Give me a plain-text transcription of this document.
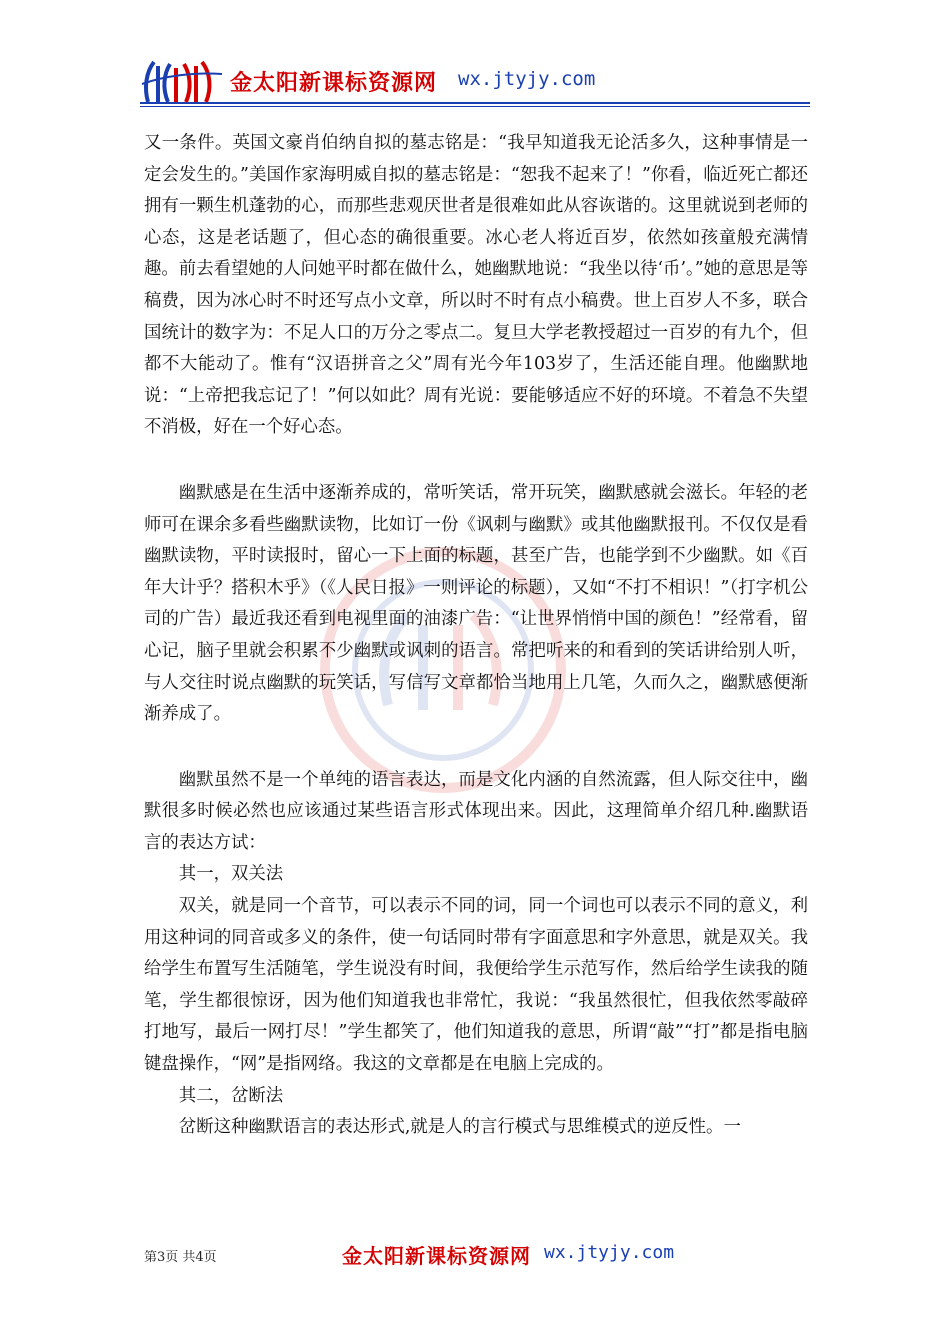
金太阳新课标资源网 wx.jtyjy.com

又一条件。英国文豪肖伯纳自拟的墓志铭是：“我早知道我无论活多久，这种事情是一定会发生的。”美国作家海明威自拟的墓志铭是：“恕我不起来了！”你看，临近死亡都还拥有一颗生机蓬勃的心，而那些悲观厌世者是很难如此从容诙谐的。这里就说到老师的心态，这是老话题了，但心态的确很重要。冰心老人将近百岁，依然如孩童般充满情趣。前去看望她的人问她平时都在做什么，她幽默地说：“我坐以待‘币’。”她的意思是等稿费，因为冰心时不时还写点小文章，所以时不时有点小稿费。世上百岁人不多，联合国统计的数字为：不足人口的万分之零点二。复旦大学老教授超过一百岁的有九个，但都不大能动了。惟有“汉语拼音之父”周有光今年103岁了，生活还能自理。他幽默地说：“上帝把我忘记了！”何以如此？周有光说：要能够适应不好的环境。不着急不失望不消极，好在一个好心态。

幽默感是在生活中逐渐养成的，常听笑话，常开玩笑，幽默感就会滋长。年轻的老师可在课余多看些幽默读物，比如订一份《讽刺与幽默》或其他幽默报刊。不仅仅是看幽默读物，平时读报时，留心一下上面的标题，甚至广告，也能学到不少幽默。如《百年大计乎？搭积木乎》（《人民日报》一则评论的标题），又如“不打不相识！”（打字机公司的广告）最近我还看到电视里面的油漆广告：“让世界悄悄中国的颜色！”经常看，留心记，脑子里就会积累不少幽默或讽刺的语言。常把听来的和看到的笑话讲给别人听，与人交往时说点幽默的玩笑话，写信写文章都恰当地用上几笔，久而久之，幽默感便渐渐养成了。

幽默虽然不是一个单纯的语言表达，而是文化内涵的自然流露，但人际交往中，幽默很多时候必然也应该通过某些语言形式体现出来。因此，这理简单介绍几种.幽默语言的表达方试：

其一，双关法

双关，就是同一个音节，可以表示不同的词，同一个词也可以表示不同的意义，利用这种词的同音或多义的条件，使一句话同时带有字面意思和字外意思，就是双关。我给学生布置写生活随笔，学生说没有时间，我便给学生示范写作，然后给学生读我的随笔，学生都很惊讶，因为他们知道我也非常忙，我说：“我虽然很忙，但我依然零敲碎打地写，最后一网打尽！”学生都笑了，他们知道我的意思，所谓“敲”“打”都是指电脑键盘操作，“网”是指网络。我这的文章都是在电脑上完成的。

其二，岔断法

岔断这种幽默语言的表达形式,就是人的言行模式与思维模式的逆反性。一

第3页 共4页	金太阳新课标资源网 wx.jtyjy.com
